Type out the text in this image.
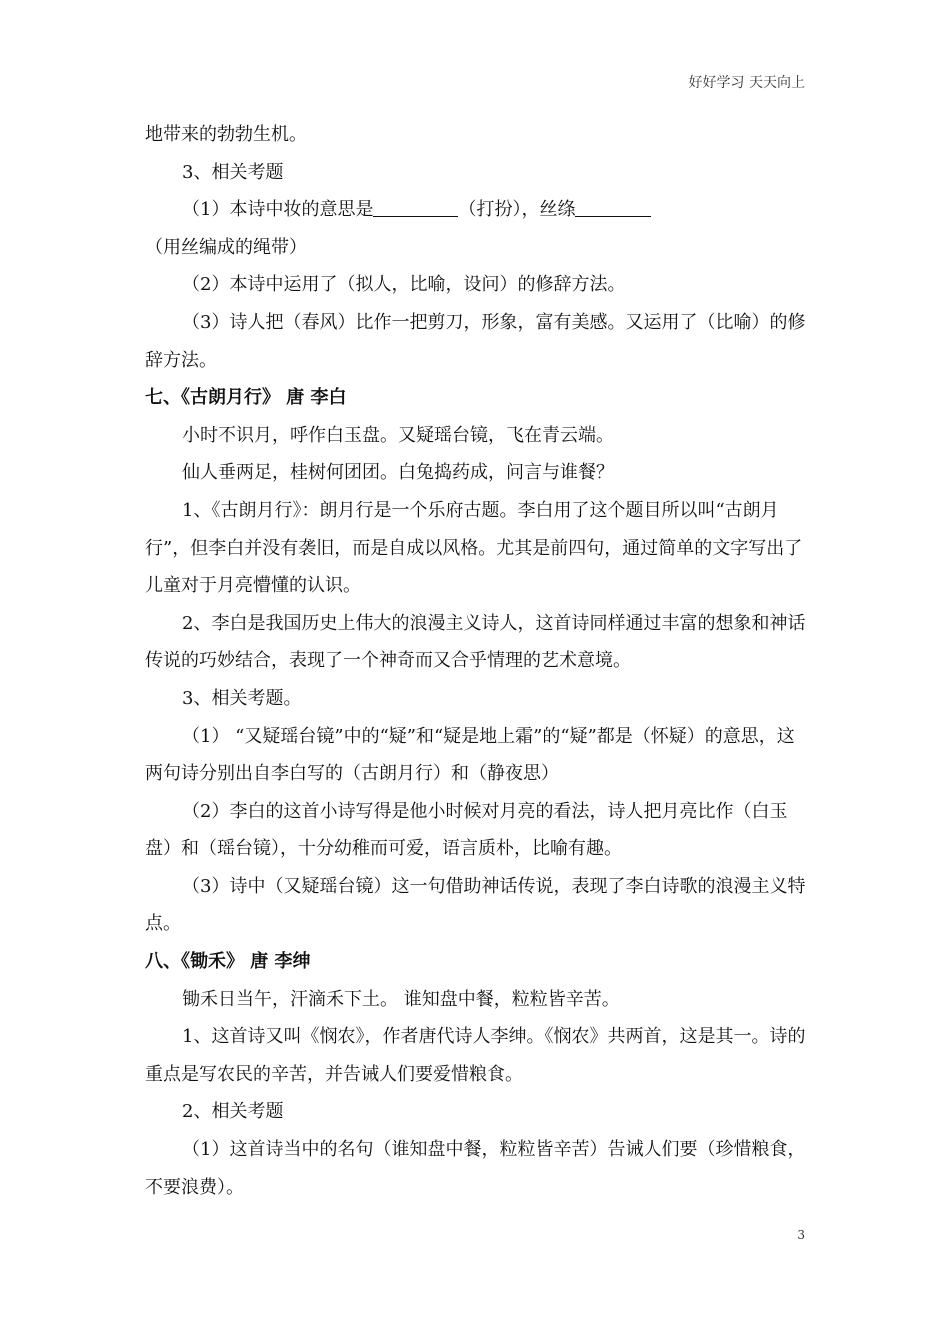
好好学习 天天向上

地带来的勃勃生机。

3、相关考题

（1）本诗中妆的意思是	（打扮），丝绦（用丝编成的绳带）

（2）本诗中运用了（拟人，比喻，设问）的修辞方法。

（3）诗人把（春风）比作一把剪刀，形象，富有美感。又运用了（比喻）的修辞方法。

七、《古朗月行》 唐 李白

小时不识月，呼作白玉盘。又疑瑶台镜，飞在青云端。

仙人垂两足，桂树何团团。白兔捣药成，问言与谁餐？

1、《古朗月行》：朗月行是一个乐府古题。李白用了这个题目所以叫“古朗月行”，但李白并没有袭旧，而是自成以风格。尤其是前四句，通过简单的文字写出了儿童对于月亮懵懂的认识。

2、李白是我国历史上伟大的浪漫主义诗人，这首诗同样通过丰富的想象和神话传说的巧妙结合，表现了一个神奇而又合乎情理的艺术意境。

3、相关考题。

（1） “又疑瑶台镜”中的“疑”和“疑是地上霜”的“疑”都是（怀疑）的意思，这两句诗分别出自李白写的（古朗月行）和（静夜思）

（2）李白的这首小诗写得是他小时候对月亮的看法，诗人把月亮比作（白玉盘）和（瑶台镜），十分幼稚而可爱，语言质朴，比喻有趣。

（3）诗中（又疑瑶台镜）这一句借助神话传说，表现了李白诗歌的浪漫主义特点。

八、《锄禾》 唐 李绅

锄禾日当午，汗滴禾下土。 谁知盘中餐，粒粒皆辛苦。

1、这首诗又叫《悯农》，作者唐代诗人李绅。《悯农》共两首，这是其一。诗的重点是写农民的辛苦，并告诫人们要爱惜粮食。

2、相关考题

（1）这首诗当中的名句（谁知盘中餐，粒粒皆辛苦）告诫人们要（珍惜粮食，不要浪费）。

3
